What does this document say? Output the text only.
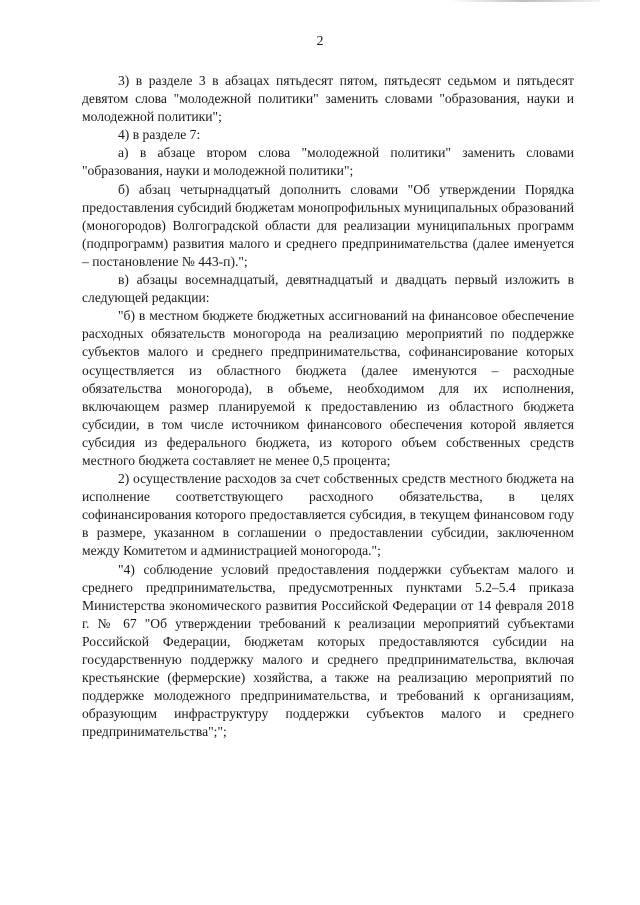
2

3) в разделе 3 в абзацах пятьдесят пятом, пятьдесят седьмом и пятьдесят девятом слова "молодежной политики" заменить словами "образования, науки и молодежной политики";

4) в разделе 7:

а) в абзаце втором слова "молодежной политики" заменить словами "образования, науки и молодежной политики";

б) абзац четырнадцатый дополнить словами "Об утверждении Порядка предоставления субсидий бюджетам монопрофильных муниципальных образований (моногородов) Волгоградской области для реализации муниципальных программ (подпрограмм) развития малого и среднего предпринимательства (далее именуется – постановление № 443-п).";

в) абзацы восемнадцатый, девятнадцатый и двадцать первый изложить в следующей редакции:

"б) в местном бюджете бюджетных ассигнований на финансовое обеспечение расходных обязательств моногорода на реализацию мероприятий по поддержке субъектов малого и среднего предпринимательства, софинансирование которых осуществляется из областного бюджета (далее именуются – расходные обязательства моногорода), в объеме, необходимом для их исполнения, включающем размер планируемой к предоставлению из областного бюджета субсидии, в том числе источником финансового обеспечения которой является субсидия из федерального бюджета, из которого объем собственных средств местного бюджета составляет не менее 0,5 процента;

2) осуществление расходов за счет собственных средств местного бюджета на исполнение соответствующего расходного обязательства, в целях софинансирования которого предоставляется субсидия, в текущем финансовом году в размере, указанном в соглашении о предоставлении субсидии, заключенном между Комитетом и администрацией моногорода.";

"4) соблюдение условий предоставления поддержки субъектам малого и среднего предпринимательства, предусмотренных пунктами 5.2–5.4 приказа Министерства экономического развития Российской Федерации от 14 февраля 2018 г. № 67 "Об утверждении требований к реализации мероприятий субъектами Российской Федерации, бюджетам которых предоставляются субсидии на государственную поддержку малого и среднего предпринимательства, включая крестьянские (фермерские) хозяйства, а также на реализацию мероприятий по поддержке молодежного предпринимательства, и требований к организациям, образующим инфраструктуру поддержки субъектов малого и среднего предпринимательства";";
